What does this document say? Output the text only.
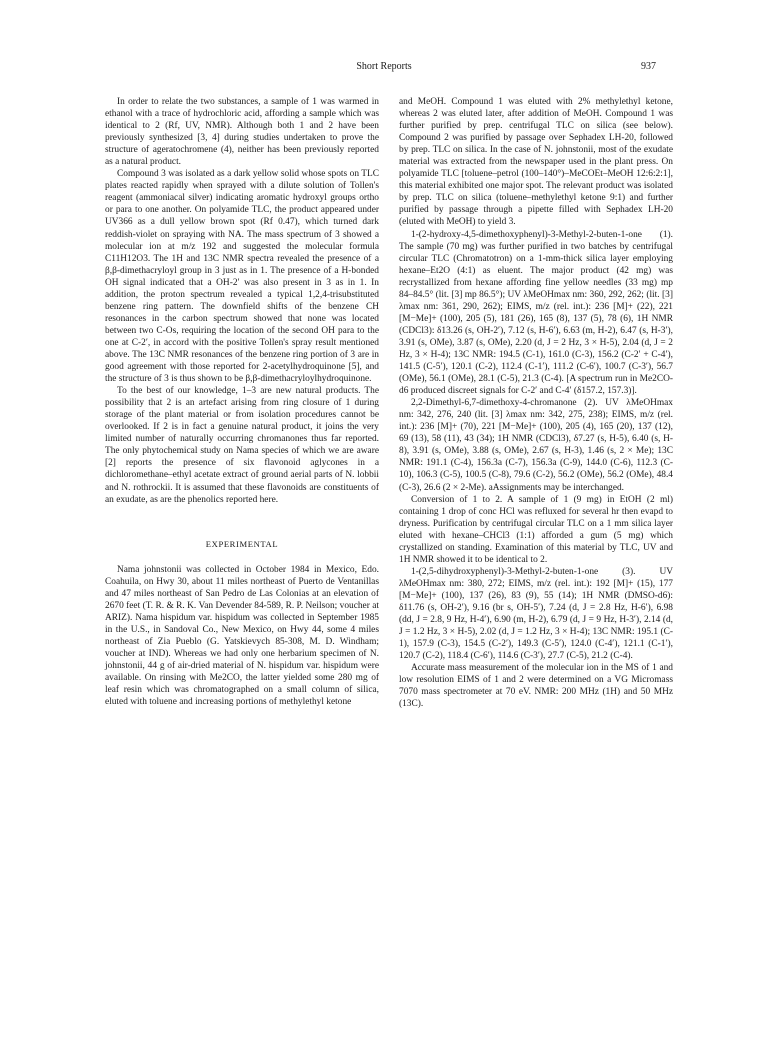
Short Reports	937

In order to relate the two substances, a sample of 1 was warmed in ethanol with a trace of hydrochloric acid, affording a sample which was identical to 2 (Rf, UV, NMR). Although both 1 and 2 have been previously synthesized [3, 4] during studies undertaken to prove the structure of ageratochromene (4), neither has been previously reported as a natural product.

Compound 3 was isolated as a dark yellow solid whose spots on TLC plates reacted rapidly when sprayed with a dilute solution of Tollen's reagent (ammoniacal silver) indicating aromatic hydroxyl groups ortho or para to one another. On polyamide TLC, the product appeared under UV366 as a dull yellow brown spot (Rf 0.47), which turned dark reddish-violet on spraying with NA. The mass spectrum of 3 showed a molecular ion at m/z 192 and suggested the molecular formula C11H12O3. The 1H and 13C NMR spectra revealed the presence of a β,β-dimethacryloyl group in 3 just as in 1. The presence of a H-bonded OH signal indicated that a OH-2′ was also present in 3 as in 1. In addition, the proton spectrum revealed a typical 1,2,4-trisubstituted benzene ring pattern. The downfield shifts of the benzene CH resonances in the carbon spectrum showed that none was located between two C-Os, requiring the location of the second OH para to the one at C-2′, in accord with the positive Tollen's spray result mentioned above. The 13C NMR resonances of the benzene ring portion of 3 are in good agreement with those reported for 2-acetylhydroquinone [5], and the structure of 3 is thus shown to be β,β-dimethacryloylhydroquinone.

To the best of our knowledge, 1–3 are new natural products. The possibility that 2 is an artefact arising from ring closure of 1 during storage of the plant material or from isolation procedures cannot be overlooked. If 2 is in fact a genuine natural product, it joins the very limited number of naturally occurring chromanones thus far reported. The only phytochemical study on Nama species of which we are aware [2] reports the presence of six flavonoid aglycones in a dichloromethane–ethyl acetate extract of ground aerial parts of N. lobbii and N. rothrockii. It is assumed that these flavonoids are constituents of an exudate, as are the phenolics reported here.

EXPERIMENTAL

Nama johnstonii was collected in October 1984 in Mexico, Edo. Coahuila, on Hwy 30, about 11 miles northeast of Puerto de Ventanillas and 47 miles northeast of San Pedro de Las Colonias at an elevation of 2670 feet (T. R. & R. K. Van Devender 84-589, R. P. Neilson; voucher at ARIZ). Nama hispidum var. hispidum was collected in September 1985 in the U.S., in Sandoval Co., New Mexico, on Hwy 44, some 4 miles northeast of Zia Pueblo (G. Yatskievych 85-308, M. D. Windham; voucher at IND). Whereas we had only one herbarium specimen of N. johnstonii, 44 g of air-dried material of N. hispidum var. hispidum were available. On rinsing with Me2CO, the latter yielded some 280 mg of leaf resin which was chromatographed on a small column of silica, eluted with toluene and increasing portions of methylethyl ketone

and MeOH. Compound 1 was eluted with 2% methylethyl ketone, whereas 2 was eluted later, after addition of MeOH. Compound 1 was further purified by prep. centrifugal TLC on silica (see below). Compound 2 was purified by passage over Sephadex LH-20, followed by prep. TLC on silica. In the case of N. johnstonii, most of the exudate material was extracted from the newspaper used in the plant press. On polyamide TLC [toluene–petrol (100–140°)–MeCOEt–MeOH 12:6:2:1], this material exhibited one major spot. The relevant product was isolated by prep. TLC on silica (toluene–methylethyl ketone 9:1) and further purified by passage through a pipette filled with Sephadex LH-20 (eluted with MeOH) to yield 3.

1-(2-hydroxy-4,5-dimethoxyphenyl)-3-Methyl-2-buten-1-one (1). The sample (70 mg) was further purified in two batches by centrifugal circular TLC (Chromatotron) on a 1-mm-thick silica layer employing hexane–Et2O (4:1) as eluent. The major product (42 mg) was recrystallized from hexane affording fine yellow needles (33 mg) mp 84–84.5° (lit. [3] mp 86.5°); UV λMeOHmax nm: 360, 292, 262; (lit. [3] λmax nm: 361, 290, 262); EIMS, m/z (rel. int.): 236 [M]+ (22), 221 [M−Me]+ (100), 205 (5), 181 (26), 165 (8), 137 (5), 78 (6), 1H NMR (CDCl3): δ13.26 (s, OH-2′), 7.12 (s, H-6′), 6.63 (m, H-2), 6.47 (s, H-3′), 3.91 (s, OMe), 3.87 (s, OMe), 2.20 (d, J = 2 Hz, 3 × H-5), 2.04 (d, J = 2 Hz, 3 × H-4); 13C NMR: 194.5 (C-1), 161.0 (C-3), 156.2 (C-2′ + C-4′), 141.5 (C-5′), 120.1 (C-2), 112.4 (C-1′), 111.2 (C-6′), 100.7 (C-3′), 56.7 (OMe), 56.1 (OMe), 28.1 (C-5), 21.3 (C-4). [A spectrum run in Me2CO-d6 produced discreet signals for C-2′ and C-4′ (δ157.2, 157.3)].

2,2-Dimethyl-6,7-dimethoxy-4-chromanone (2). UV λMeOHmax nm: 342, 276, 240 (lit. [3] λmax nm: 342, 275, 238); EIMS, m/z (rel. int.): 236 [M]+ (70), 221 [M−Me]+ (100), 205 (4), 165 (20), 137 (12), 69 (13), 58 (11), 43 (34); 1H NMR (CDCl3), δ7.27 (s, H-5), 6.40 (s, H-8), 3.91 (s, OMe), 3.88 (s, OMe), 2.67 (s, H-3), 1.46 (s, 2 × Me); 13C NMR: 191.1 (C-4), 156.3a (C-7), 156.3a (C-9), 144.0 (C-6), 112.3 (C-10), 106.3 (C-5), 100.5 (C-8), 79.6 (C-2), 56.2 (OMe), 56.2 (OMe), 48.4 (C-3), 26.6 (2 × 2-Me). aAssignments may be interchanged.

Conversion of 1 to 2. A sample of 1 (9 mg) in EtOH (2 ml) containing 1 drop of conc HCl was refluxed for several hr then evapd to dryness. Purification by centrifugal circular TLC on a 1 mm silica layer eluted with hexane–CHCl3 (1:1) afforded a gum (5 mg) which crystallized on standing. Examination of this material by TLC, UV and 1H NMR showed it to be identical to 2.

1-(2,5-dihydroxyphenyl)-3-Methyl-2-buten-1-one (3). UV λMeOHmax nm: 380, 272; EIMS, m/z (rel. int.): 192 [M]+ (15), 177 [M−Me]+ (100), 137 (26), 83 (9), 55 (14); 1H NMR (DMSO-d6): δ11.76 (s, OH-2′), 9.16 (br s, OH-5′), 7.24 (d, J = 2.8 Hz, H-6′), 6.98 (dd, J = 2.8, 9 Hz, H-4′), 6.90 (m, H-2), 6.79 (d, J = 9 Hz, H-3′), 2.14 (d, J = 1.2 Hz, 3 × H-5), 2.02 (d, J = 1.2 Hz, 3 × H-4); 13C NMR: 195.1 (C-1), 157.9 (C-3), 154.5 (C-2′), 149.3 (C-5′), 124.0 (C-4′), 121.1 (C-1′), 120.7 (C-2), 118.4 (C-6′), 114.6 (C-3′), 27.7 (C-5), 21.2 (C-4).

Accurate mass measurement of the molecular ion in the MS of 1 and low resolution EIMS of 1 and 2 were determined on a VG Micromass 7070 mass spectrometer at 70 eV. NMR: 200 MHz (1H) and 50 MHz (13C).
